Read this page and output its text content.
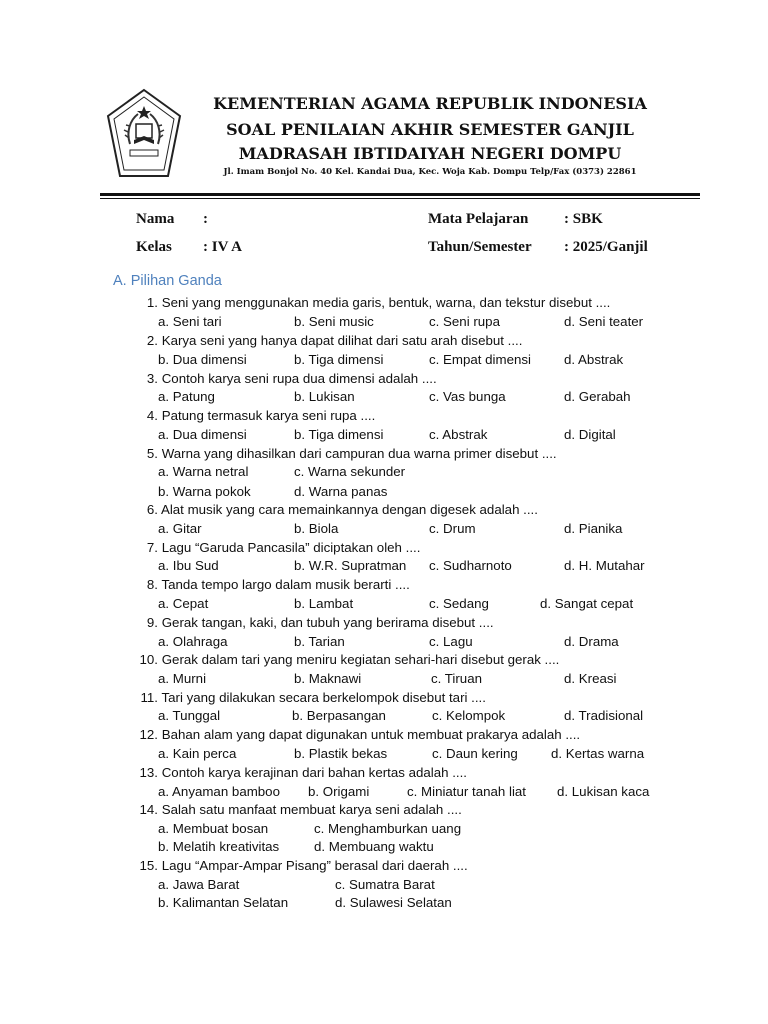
KEMENTERIAN AGAMA REPUBLIK INDONESIA
SOAL PENILAIAN AKHIR SEMESTER GANJIL
MADRASAH IBTIDAIYAH NEGERI DOMPU
Jl. Imam Bonjol No. 40 Kel. Kandai Dua, Kec. Woja Kab. Dompu Telp/Fax (0373) 22861
Nama :	Mata Pelajaran : SBK
Kelas : IV A	Tahun/Semester : 2025/Ganjil
A. Pilihan Ganda
1. Seni yang menggunakan media garis, bentuk, warna, dan tekstur disebut ....
a. Seni tari	b. Seni music	c. Seni rupa	d. Seni teater
2. Karya seni yang hanya dapat dilihat dari satu arah disebut ....
b. Dua dimensi	b. Tiga dimensi	c. Empat dimensi d. Abstrak
3. Contoh karya seni rupa dua dimensi adalah ....
a. Patung	b. Lukisan	c. Vas bunga	d. Gerabah
4. Patung termasuk karya seni rupa ....
a. Dua dimensi	b. Tiga dimensi	c. Abstrak	d. Digital
5. Warna yang dihasilkan dari campuran dua warna primer disebut ....
a. Warna netral	c. Warna sekunder
b. Warna pokok	d. Warna panas
6. Alat musik yang cara memainkannya dengan digesek adalah ....
a. Gitar	b. Biola	c. Drum	d. Pianika
7. Lagu “Garuda Pancasila” diciptakan oleh ....
a. Ibu Sud	b. W.R. Supratman c. Sudharnoto	d. H. Mutahar
8. Tanda tempo largo dalam musik berarti ....
a. Cepat	b. Lambat	c. Sedang	d. Sangat cepat
9. Gerak tangan, kaki, dan tubuh yang berirama disebut ....
a. Olahraga	b. Tarian	c. Lagu	d. Drama
10. Gerak dalam tari yang meniru kegiatan sehari-hari disebut gerak ....
a. Murni	b. Maknawi	c. Tiruan	d. Kreasi
11. Tari yang dilakukan secara berkelompok disebut tari ....
a. Tunggal	b. Berpasangan	c. Kelompok	d. Tradisional
12. Bahan alam yang dapat digunakan untuk membuat prakarya adalah ....
a. Kain perca	b. Plastik bekas	c. Daun kering	d. Kertas warna
13. Contoh karya kerajinan dari bahan kertas adalah ....
a. Anyaman bamboo b. Origami	c. Miniatur tanah liat d. Lukisan kaca
14. Salah satu manfaat membuat karya seni adalah ....
a. Membuat bosan	c. Menghamburkan uang
b. Melatih kreativitas	d. Membuang waktu
15. Lagu “Ampar-Ampar Pisang” berasal dari daerah ....
a. Jawa Barat	c. Sumatra Barat
b. Kalimantan Selatan	d. Sulawesi Selatan
